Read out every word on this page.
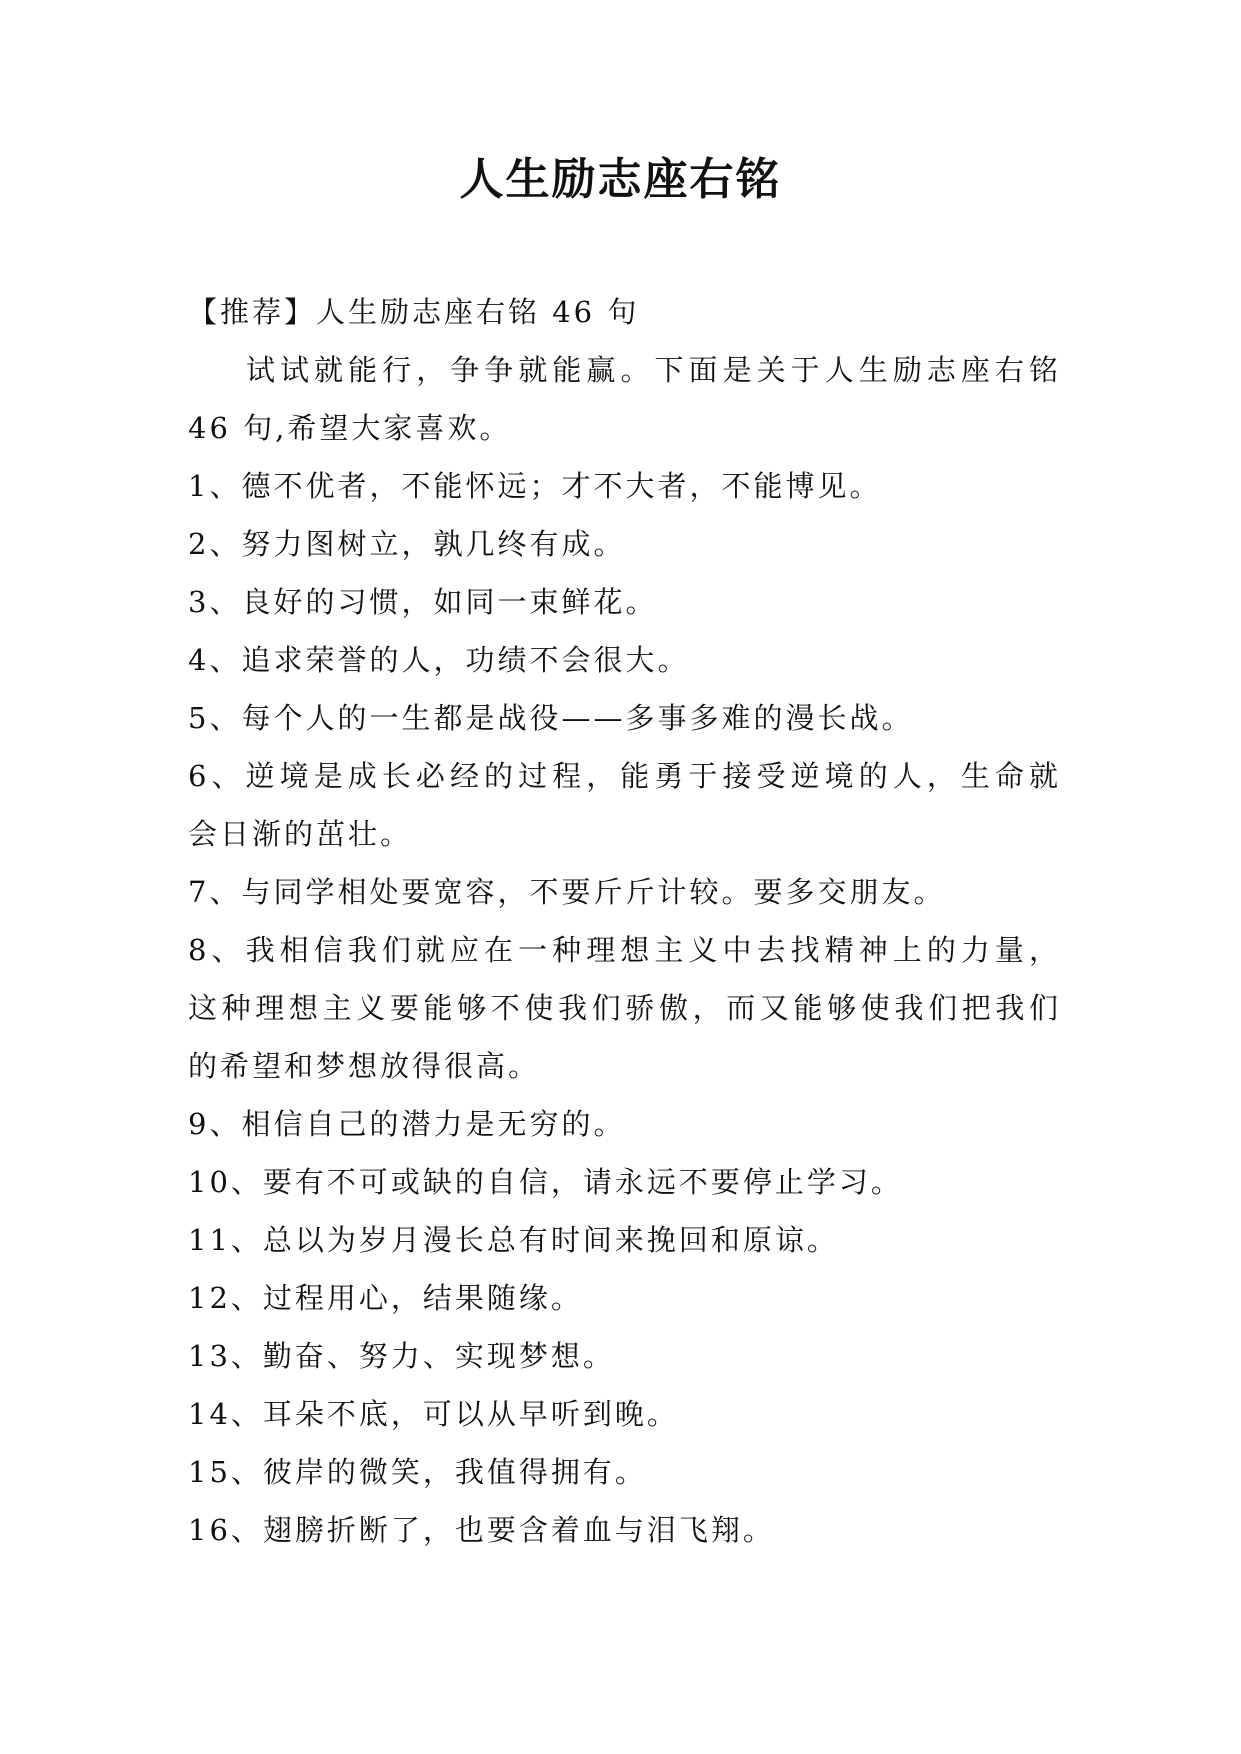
人生励志座右铭
【推荐】人生励志座右铭 46 句
试试就能行，争争就能赢。下面是关于人生励志座右铭
46 句,希望大家喜欢。
1、德不优者，不能怀远；才不大者，不能博见。
2、努力图树立，孰几终有成。
3、良好的习惯，如同一束鲜花。
4、追求荣誉的人，功绩不会很大。
5、每个人的一生都是战役——多事多难的漫长战。
6、逆境是成长必经的过程，能勇于接受逆境的人，生命就
会日渐的茁壮。
7、与同学相处要宽容，不要斤斤计较。要多交朋友。
8、我相信我们就应在一种理想主义中去找精神上的力量，
这种理想主义要能够不使我们骄傲，而又能够使我们把我们
的希望和梦想放得很高。
9、相信自己的潜力是无穷的。
10、要有不可或缺的自信，请永远不要停止学习。
11、总以为岁月漫长总有时间来挽回和原谅。
12、过程用心，结果随缘。
13、勤奋、努力、实现梦想。
14、耳朵不底，可以从早听到晚。
15、彼岸的微笑，我值得拥有。
16、翅膀折断了，也要含着血与泪飞翔。
